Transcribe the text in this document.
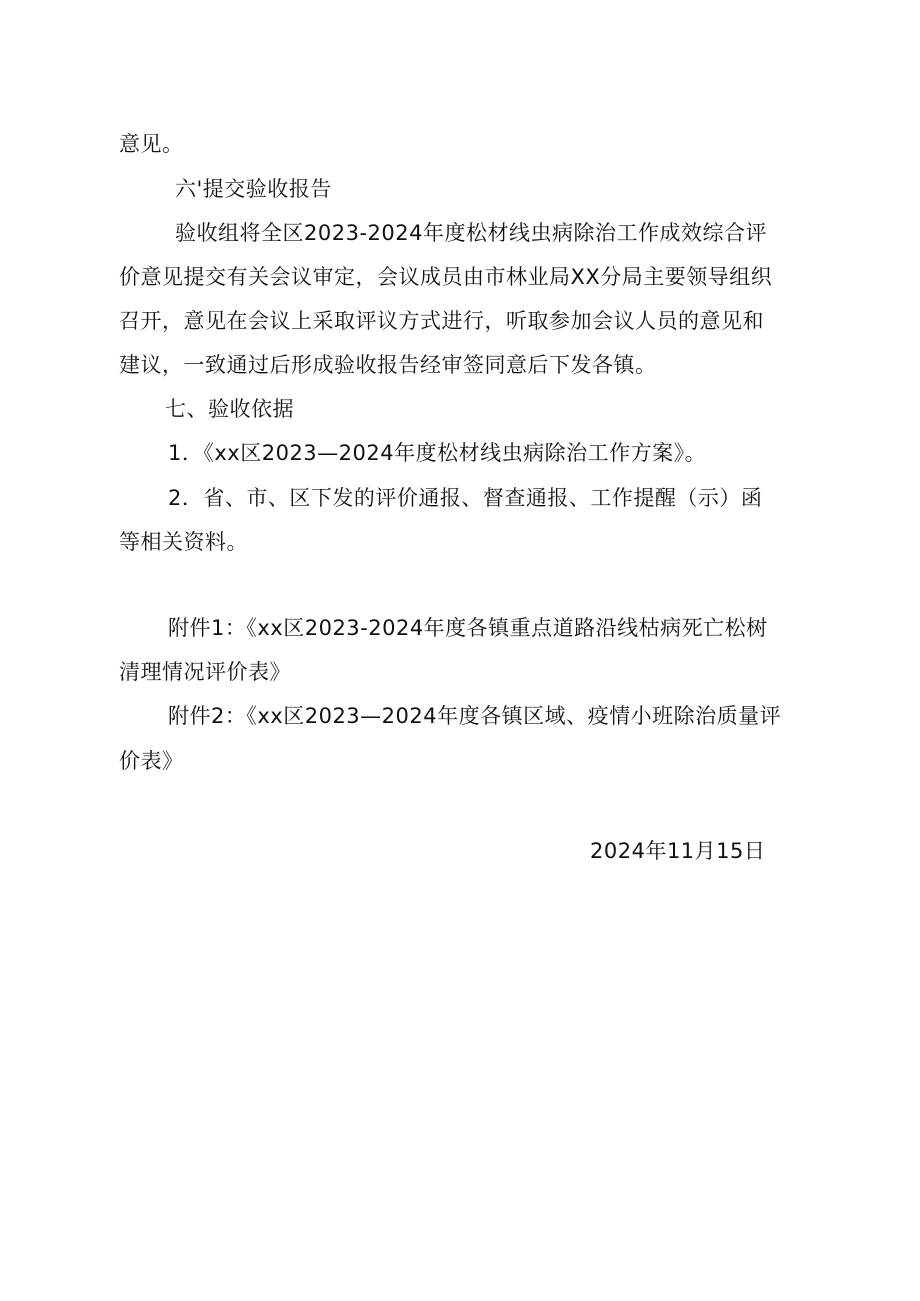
意见。
六'提交验收报告
验收组将全区2023-2024年度松材线虫病除治工作成效综合评
价意见提交有关会议审定，会议成员由市林业局XX分局主要领导组织
召开，意见在会议上采取评议方式进行，听取参加会议人员的意见和
建议，一致通过后形成验收报告经审签同意后下发各镇。
七、验收依据
1．《xx区2023—2024年度松材线虫病除治工作方案》。
2．省、市、区下发的评价通报、督查通报、工作提醒（示）函
等相关资料。
附件1：《xx区2023-2024年度各镇重点道路沿线枯病死亡松树
清理情况评价表》
附件2：《xx区2023—2024年度各镇区域、疫情小班除治质量评
价表》
2024年11月15日
